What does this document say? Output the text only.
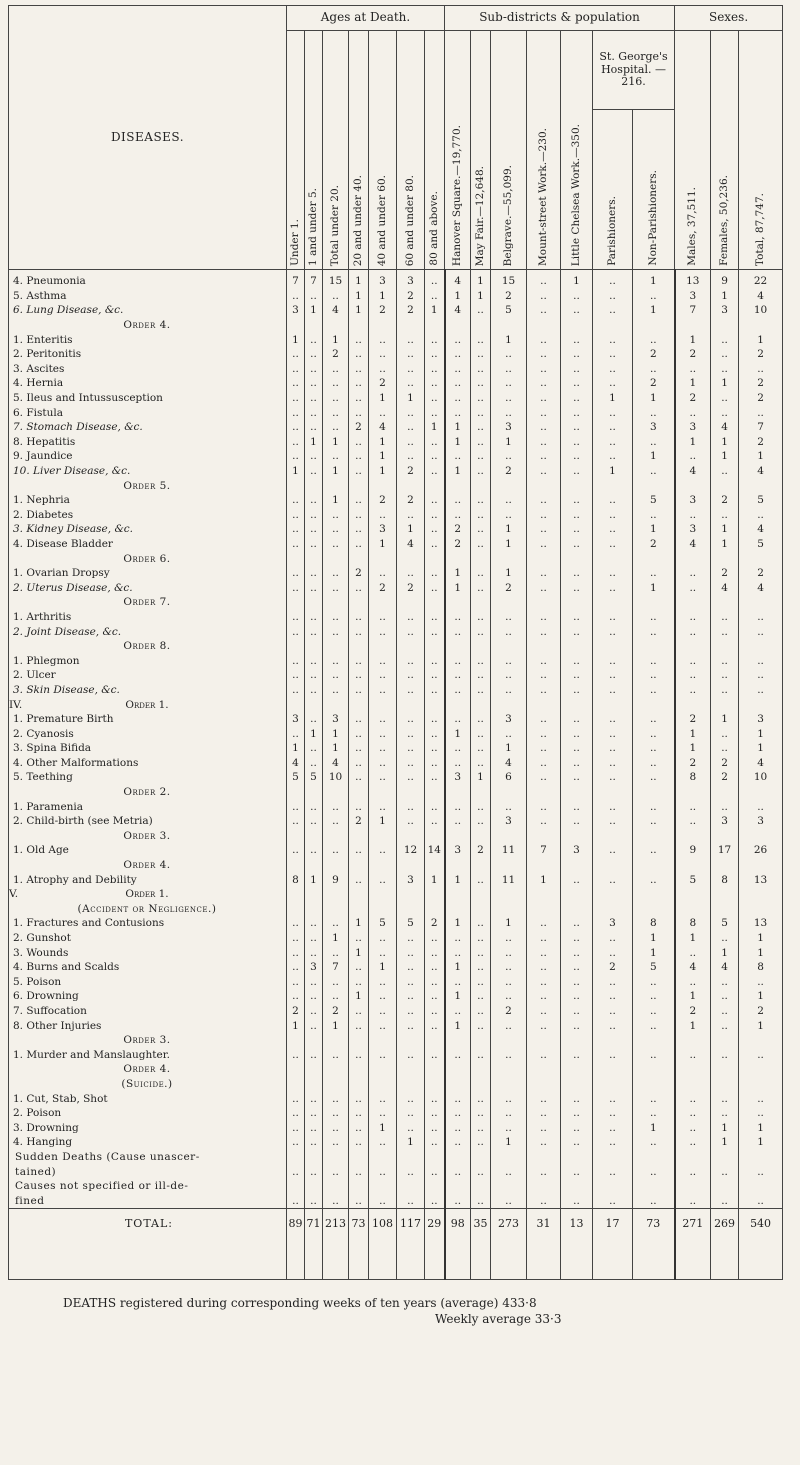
DISEASES.	Ages at Death.							Sub-districts & population							Sexes.		
	Under 1.	1 and under 5.	Total under 20.	20 and under 40.	40 and under 60.	60 and under 80.	80 and above.	Hanover Square.—19,770.	May Fair.—12,648.	Belgrave.—55,099.	Mount-street Work.—230.	Little Chelsea Work.—350.	St. George's Hospital. —216.		Males, 37,511.	Females, 50,236.	Total, 87,747.
													Parishioners.	Non-Parishioners.			
4. Pneumonia	7	7	15	1	3	3	..	4	1	15	..	1	..	1	13	9	22
5. Asthma	..	..	..	1	1	2	..	1	1	2	..	..	..	..	3	1	4
6. Lung Disease, &c.	3	1	4	1	2	2	1	4	..	5	..	..	..	1	7	3	10
Order 4.																	
1. Enteritis	1	..	1	..	..	..	..	..	..	1	..	..	..	..	1	..	1
2. Peritonitis	..	..	2	..	..	..	..	..	..	..	..	..	..	2	2	..	2
3. Ascites	..	..	..	..	..	..	..	..	..	..	..	..	..	..	..	..	..
4. Hernia	..	..	..	..	2	..	..	..	..	..	..	..	..	2	1	1	2
5. Ileus and Intussusception	..	..	..	..	1	1	..	..	..	..	..	..	1	1	2	..	2
6. Fistula	..	..	..	..	..	..	..	..	..	..	..	..	..	..	..	..	..
7. Stomach Disease, &c.	..	..	..	2	4	..	1	1	..	3	..	..	..	3	3	4	7
8. Hepatitis	..	1	1	..	1	..	..	1	..	1	..	..	..	..	1	1	2
9. Jaundice	..	..	..	..	1	..	..	..	..	..	..	..	..	1	..	1	1
10. Liver Disease, &c.	1	..	1	..	1	2	..	1	..	2	..	..	1	..	4	..	4
Order 5.																	
1. Nephria	..	..	1	..	2	2	..	..	..	..	..	..	..	5	3	2	5
2. Diabetes	..	..	..	..	..	..	..	..	..	..	..	..	..	..	..	..	..
3. Kidney Disease, &c.	..	..	..	..	3	1	..	2	..	1	..	..	..	1	3	1	4
4. Disease Bladder	..	..	..	..	1	4	..	2	..	1	..	..	..	2	4	1	5
Order 6.																	
1. Ovarian Dropsy	..	..	..	2	..	..	..	1	..	1	..	..	..	..	..	2	2
2. Uterus Disease, &c.	..	..	..	..	2	2	..	1	..	2	..	..	..	1	..	4	4
Order 7.																	
1. Arthritis	..	..	..	..	..	..	..	..	..	..	..	..	..	..	..	..	..
2. Joint Disease, &c.	..	..	..	..	..	..	..	..	..	..	..	..	..	..	..	..	..
Order 8.																	
1. Phlegmon	..	..	..	..	..	..	..	..	..	..	..	..	..	..	..	..	..
2. Ulcer	..	..	..	..	..	..	..	..	..	..	..	..	..	..	..	..	..
3. Skin Disease, &c.	..	..	..	..	..	..	..	..	..	..	..	..	..	..	..	..	..

IV. Order 1.																	

1. Premature Birth	3	..	3	..	..	..	..	..	..	3	..	..	..	..	2	1	3
2. Cyanosis	..	1	1	..	..	..	..	1	..	..	..	..	..	..	1	..	1
3. Spina Bifida	1	..	1	..	..	..	..	..	..	1	..	..	..	..	1	..	1
4. Other Malformations	4	..	4	..	..	..	..	..	..	4	..	..	..	..	2	2	4
5. Teething	5	5	10	..	..	..	..	3	1	6	..	..	..	..	8	2	10
Order 2.																	
1. Paramenia	..	..	..	..	..	..	..	..	..	..	..	..	..	..	..	..	..
2. Child-birth (see Metria)	..	..	..	2	1	..	..	..	..	3	..	..	..	..	..	3	3
Order 3.																	
1. Old Age	..	..	..	..	..	12	14	3	2	11	7	3	..	..	9	17	26
Order 4.																	
1. Atrophy and Debility	8	1	9	..	..	3	1	1	..	11	1	..	..	..	5	8	13

V. Order 1.																	

(Accident or Negligence.)																	
1. Fractures and Contusions	..	..	..	1	5	5	2	1	..	1	..	..	3	8	8	5	13
2. Gunshot	..	..	1	..	..	..	..	..	..	..	..	..	..	1	1	..	1
3. Wounds	..	..	..	1	..	..	..	..	..	..	..	..	..	1	..	1	1
4. Burns and Scalds	..	3	7	..	1	..	..	1	..	..	..	..	2	5	4	4	8
5. Poison	..	..	..	..	..	..	..	..	..	..	..	..	..	..	..	..	..
6. Drowning	..	..	..	1	..	..	..	1	..	..	..	..	..	..	1	..	1
7. Suffocation	2	..	2	..	..	..	..	..	..	2	..	..	..	..	2	..	2
8. Other Injuries	1	..	1	..	..	..	..	1	..	..	..	..	..	..	1	..	1
Order 3.																	
1. Murder and Manslaughter.	..	..	..	..	..	..	..	..	..	..	..	..	..	..	..	..	..
Order 4.																	
(Suicide.)																	
1. Cut, Stab, Shot	..	..	..	..	..	..	..	..	..	..	..	..	..	..	..	..	..
2. Poison	..	..	..	..	..	..	..	..	..	..	..	..	..	..	..	..	..
3. Drowning	..	..	..	..	1	..	..	..	..	..	..	..	..	1	..	1	1
4. Hanging	..	..	..	..	..	1	..	..	..	1	..	..	..	..	..	1	1
Sudden Deaths (Cause unascer-																	
tained)	..	..	..	..	..	..	..	..	..	..	..	..	..	..	..	..	..
Causes not specified or ill-de-																	
fined	..	..	..	..	..	..	..	..	..	..	..	..	..	..	..	..	..
TOTAL:	89	71	213	73	108	117	29	98	35	273	31	13	17	73	271	269	540

DEATHS registered during corresponding weeks of ten years (average) 433·8
Weekly average 33·3
